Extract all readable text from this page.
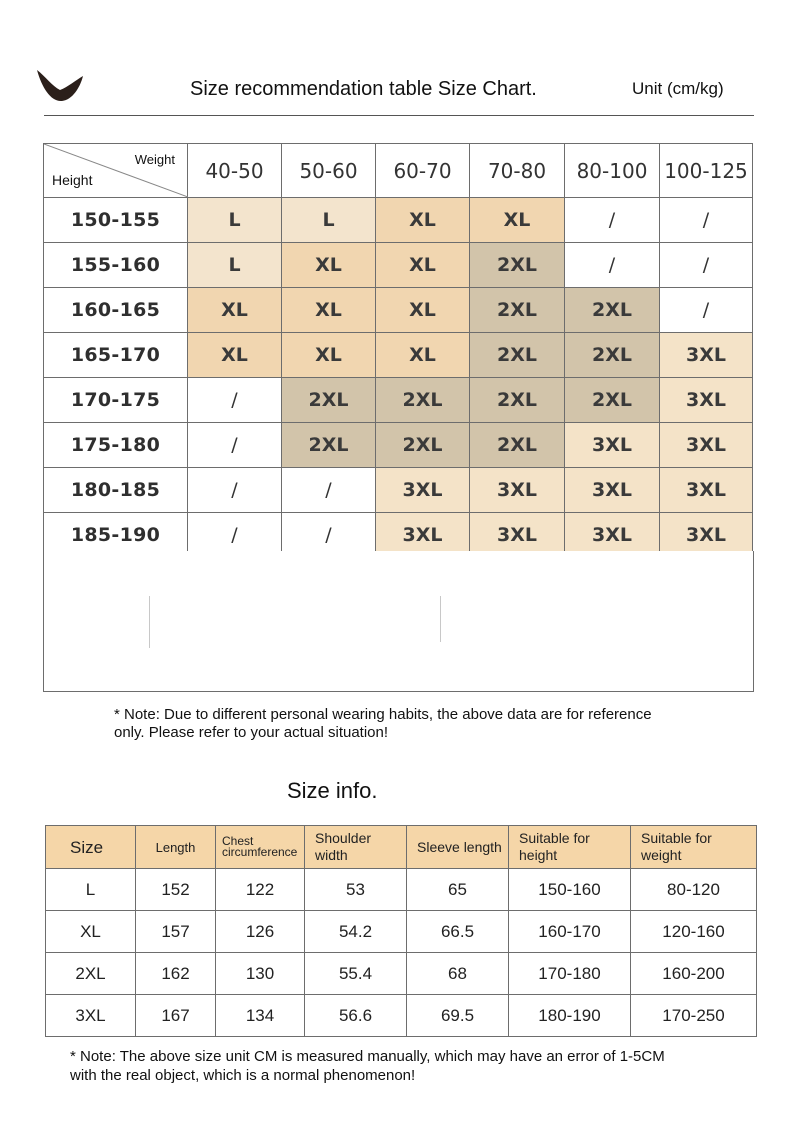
Size recommendation table Size Chart.	Unit (cm/kg)
Weight
Height	40-50	50-60	60-70	70-80	80-100	100-125
150-155	L	L	XL	XL	/	/
155-160	L	XL	XL	2XL	/	/
160-165	XL	XL	XL	2XL	2XL	/
165-170	XL	XL	XL	2XL	2XL	3XL
170-175	/	2XL	2XL	2XL	2XL	3XL
175-180	/	2XL	2XL	2XL	3XL	3XL
180-185	/	/	3XL	3XL	3XL	3XL
185-190	/	/	3XL	3XL	3XL	3XL
* Note: Due to different personal wearing habits, the above data are for reference only. Please refer to your actual situation!
Size info.
Size	Length	Chest circumference	Shoulder width	Sleeve length	Suitable for height	Suitable for weight
L	152	122	53	65	150-160	80-120
XL	157	126	54.2	66.5	160-170	120-160
2XL	162	130	55.4	68	170-180	160-200
3XL	167	134	56.6	69.5	180-190	170-250
* Note: The above size unit CM is measured manually, which may have an error of 1-5CM with the real object, which is a normal phenomenon!
